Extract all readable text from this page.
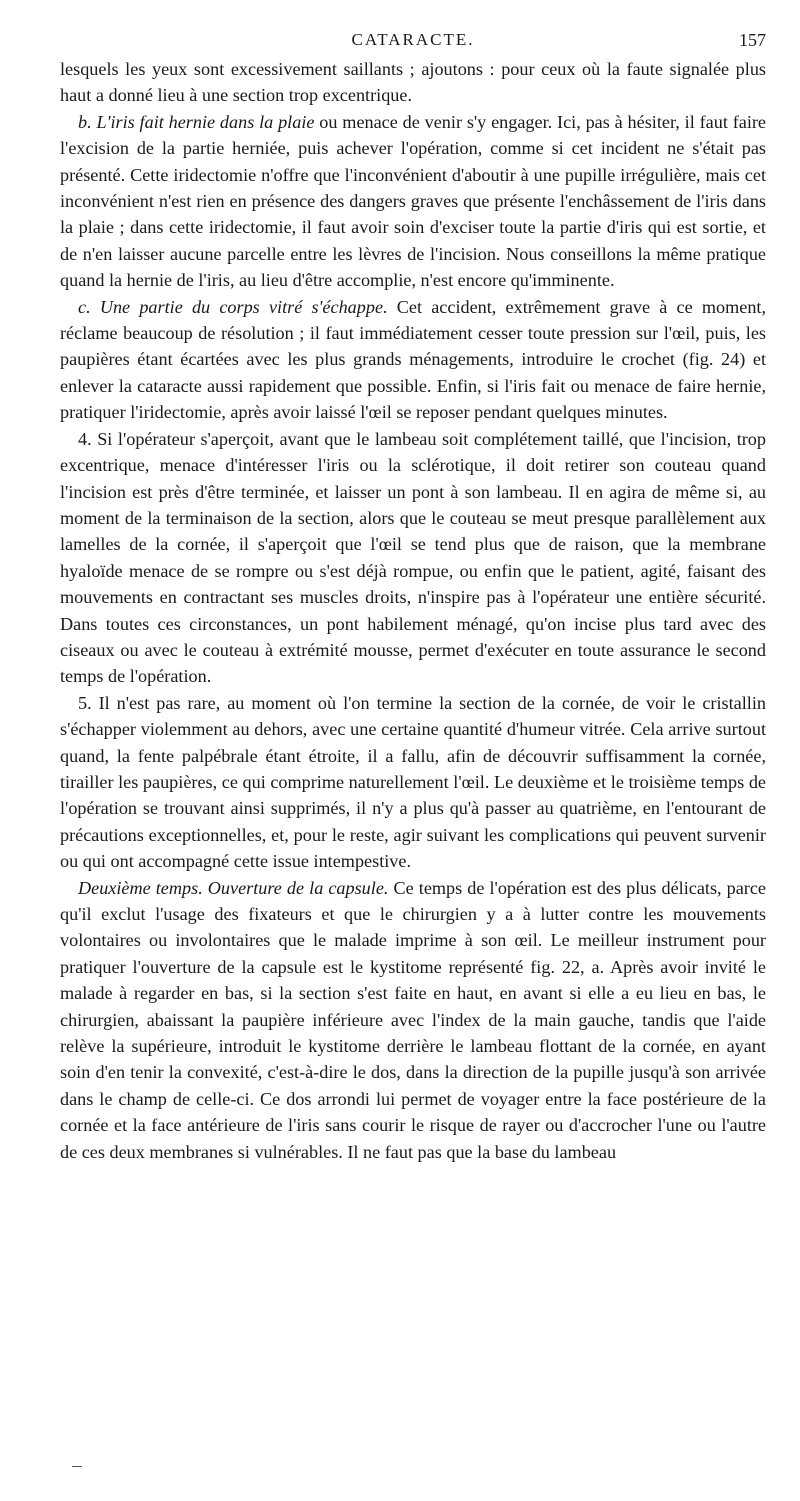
CATARACTE.	157

lesquels les yeux sont excessivement saillants ; ajoutons : pour ceux où la faute signalée plus haut a donné lieu à une section trop excentrique.

b. L'iris fait hernie dans la plaie ou menace de venir s'y engager. Ici, pas à hésiter, il faut faire l'excision de la partie herniée, puis achever l'opération, comme si cet incident ne s'était pas présenté. Cette iridectomie n'offre que l'inconvénient d'aboutir à une pupille irrégulière, mais cet inconvénient n'est rien en présence des dangers graves que présente l'enchâssement de l'iris dans la plaie ; dans cette iridectomie, il faut avoir soin d'exciser toute la partie d'iris qui est sortie, et de n'en laisser aucune parcelle entre les lèvres de l'incision. Nous conseillons la même pratique quand la hernie de l'iris, au lieu d'être accomplie, n'est encore qu'imminente.

c. Une partie du corps vitré s'échappe. Cet accident, extrêmement grave à ce moment, réclame beaucoup de résolution ; il faut immédiatement cesser toute pression sur l'œil, puis, les paupières étant écartées avec les plus grands ménagements, introduire le crochet (fig. 24) et enlever la cataracte aussi rapidement que possible. Enfin, si l'iris fait ou menace de faire hernie, pratiquer l'iridectomie, après avoir laissé l'œil se reposer pendant quelques minutes.

4. Si l'opérateur s'aperçoit, avant que le lambeau soit complétement taillé, que l'incision, trop excentrique, menace d'intéresser l'iris ou la sclérotique, il doit retirer son couteau quand l'incision est près d'être terminée, et laisser un pont à son lambeau. Il en agira de même si, au moment de la terminaison de la section, alors que le couteau se meut presque parallèlement aux lamelles de la cornée, il s'aperçoit que l'œil se tend plus que de raison, que la membrane hyaloïde menace de se rompre ou s'est déjà rompue, ou enfin que le patient, agité, faisant des mouvements en contractant ses muscles droits, n'inspire pas à l'opérateur une entière sécurité. Dans toutes ces circonstances, un pont habilement ménagé, qu'on incise plus tard avec des ciseaux ou avec le couteau à extrémité mousse, permet d'exécuter en toute assurance le second temps de l'opération.

5. Il n'est pas rare, au moment où l'on termine la section de la cornée, de voir le cristallin s'échapper violemment au dehors, avec une certaine quantité d'humeur vitrée. Cela arrive surtout quand, la fente palpébrale étant étroite, il a fallu, afin de découvrir suffisamment la cornée, tirailler les paupières, ce qui comprime naturellement l'œil. Le deuxième et le troisième temps de l'opération se trouvant ainsi supprimés, il n'y a plus qu'à passer au quatrième, en l'entourant de précautions exceptionnelles, et, pour le reste, agir suivant les complications qui peuvent survenir ou qui ont accompagné cette issue intempestive.

Deuxième temps. Ouverture de la capsule. Ce temps de l'opération est des plus délicats, parce qu'il exclut l'usage des fixateurs et que le chirurgien y a à lutter contre les mouvements volontaires ou involontaires que le malade imprime à son œil. Le meilleur instrument pour pratiquer l'ouverture de la capsule est le kystitome représenté fig. 22, a. Après avoir invité le malade à regarder en bas, si la section s'est faite en haut, en avant si elle a eu lieu en bas, le chirurgien, abaissant la paupière inférieure avec l'index de la main gauche, tandis que l'aide relève la supérieure, introduit le kystitome derrière le lambeau flottant de la cornée, en ayant soin d'en tenir la convexité, c'est-à-dire le dos, dans la direction de la pupille jusqu'à son arrivée dans le champ de celle-ci. Ce dos arrondi lui permet de voyager entre la face postérieure de la cornée et la face antérieure de l'iris sans courir le risque de rayer ou d'accrocher l'une ou l'autre de ces deux membranes si vulnérables. Il ne faut pas que la base du lambeau
